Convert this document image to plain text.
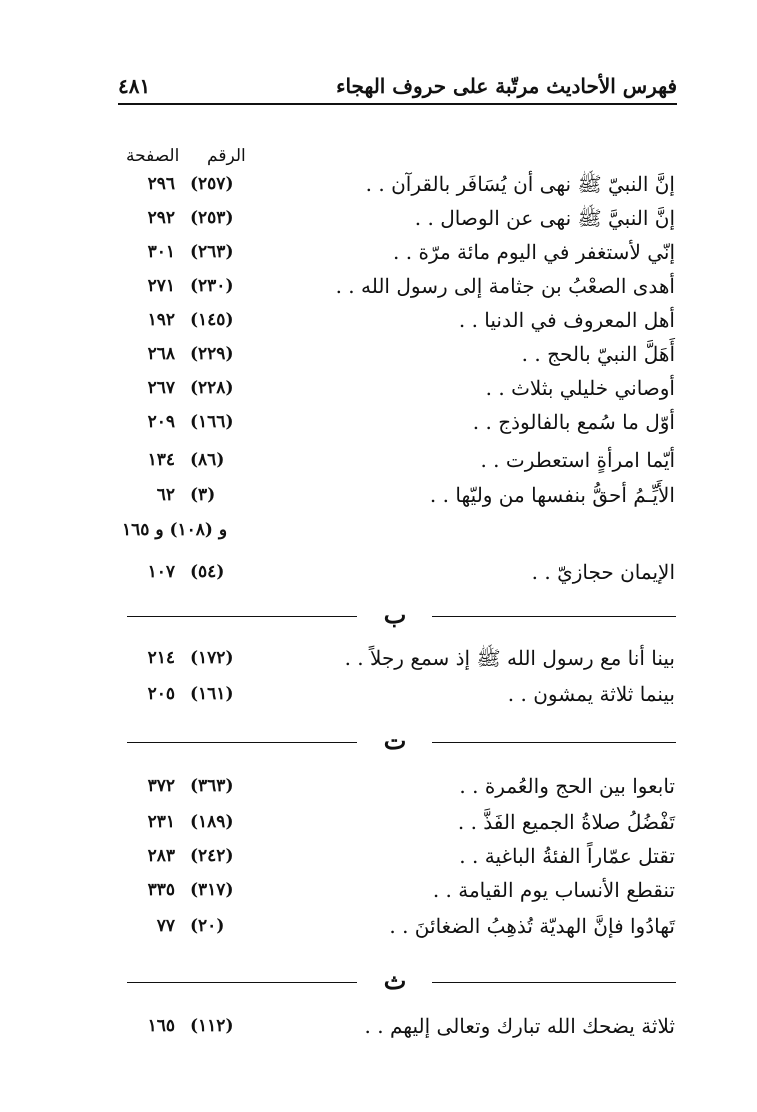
٤٨١	فهرس الأحاديث مرتّبة على حروف الهجاء
الرقم
الصفحة
إنَّ النبيّ ﷺ نهى أن يُسَافَر بالقرآن . .
(٢٥٧)
٢٩٦
إنَّ النبيَّ ﷺ نهى عن الوصال . .
(٢٥٣)
٢٩٢
إنّي لأستغفر في اليوم مائة مرّة . .
(٢٦٣)
٣٠١
أهدى الصعْبُ بن جثامة إلى رسول الله . .
(٢٣٠)
٢٧١
أهل المعروف في الدنيا . .
(١٤٥)
١٩٢
أَهَلَّ النبيّ بالحج . .
(٢٢٩)
٢٦٨
أوصاني خليلي بثلاث . .
(٢٢٨)
٢٦٧
أوّل ما سُمع بالفالوذج . .
(١٦٦)
٢٠٩
أيّما امرأةٍ استعطرت . .
(٨٦)
١٣٤
الأَيِّـمُ أحقُّ بنفسها من وليّها . .
(٣)
٦٢
و (١٠٨) و ١٦٥
الإيمان حجازيّ . .
(٥٤)
١٠٧
ب
بينا أنا مع رسول الله ﷺ إذ سمع رجلاً . .
(١٧٢)
٢١٤
بينما ثلاثة يمشون . .
(١٦١)
٢٠٥
ت
تابعوا بين الحج والعُمرة . .
(٣٦٣)
٣٧٢
تَفْضُلُ صلاةُ الجميع الفَذَّ . .
(١٨٩)
٢٣١
تقتل عمّاراً الفئةُ الباغية . .
(٢٤٢)
٢٨٣
تنقطع الأنساب يوم القيامة . .
(٣١٧)
٣٣٥
تَهادُوا فإنَّ الهديّة تُذهِبُ الضغائنَ . .
(٢٠)
٧٧
ث
ثلاثة يضحك الله تبارك وتعالى إليهم . .
(١١٢)
١٦٥
